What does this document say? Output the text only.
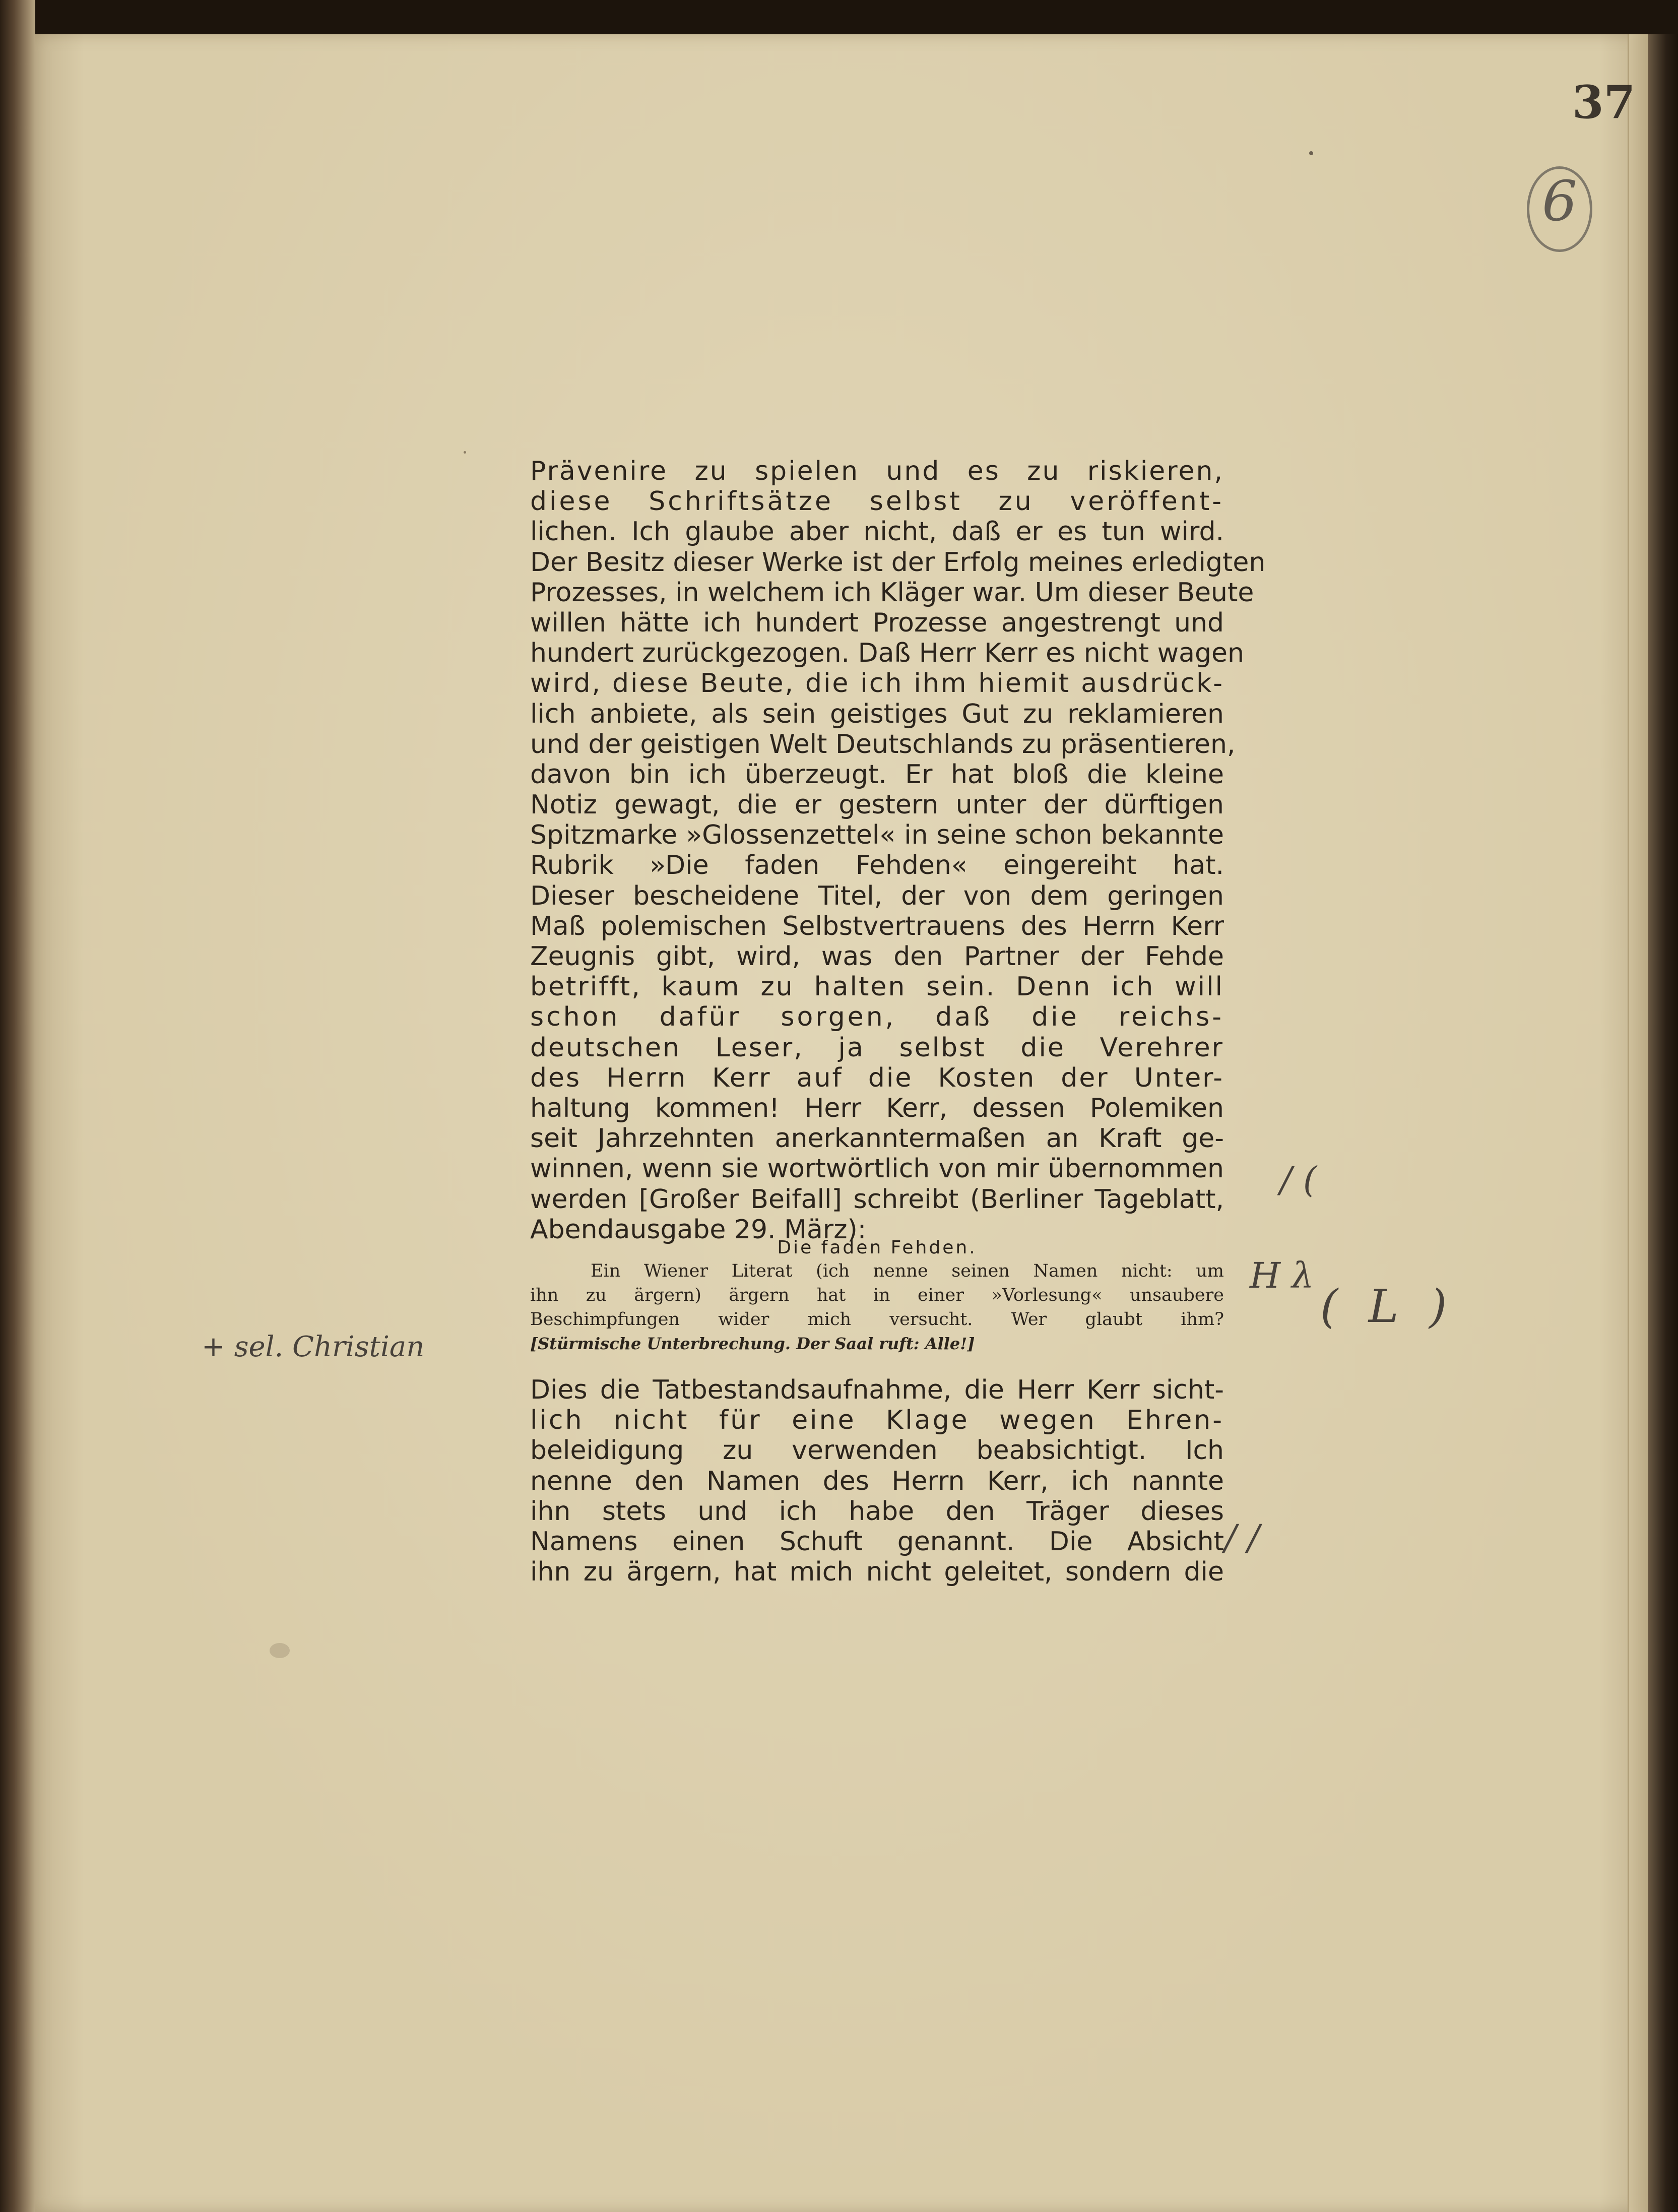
37
6
Prävenire zu spielen und es zu riskieren,
diese Schriftsätze selbst zu veröffent-
lichen. Ich glaube aber nicht, daß er es tun wird.
Der Besitz dieser Werke ist der Erfolg meines erledigten
Prozesses, in welchem ich Kläger war. Um dieser Beute
willen hätte ich hundert Prozesse angestrengt und
hundert zurückgezogen. Daß Herr Kerr es nicht wagen
wird, diese Beute, die ich ihm hiemit ausdrück-
lich anbiete, als sein geistiges Gut zu reklamieren
und der geistigen Welt Deutschlands zu präsentieren,
davon bin ich überzeugt. Er hat bloß die kleine
Notiz gewagt, die er gestern unter der dürftigen
Spitzmarke »Glossenzettel« in seine schon bekannte
Rubrik »Die faden Fehden« eingereiht hat.
Dieser bescheidene Titel, der von dem geringen
Maß polemischen Selbstvertrauens des Herrn Kerr
Zeugnis gibt, wird, was den Partner der Fehde
betrifft, kaum zu halten sein. Denn ich will
schon dafür sorgen, daß die reichs-
deutschen Leser, ja selbst die Verehrer
des Herrn Kerr auf die Kosten der Unter-
haltung kommen! Herr Kerr, dessen Polemiken
seit Jahrzehnten anerkanntermaßen an Kraft ge-
winnen, wenn sie wortwörtlich von mir übernommen
werden [Großer Beifall] schreibt (Berliner Tageblatt,
Abendausgabe 29. März):

Die faden Fehden.

Ein Wiener Literat (ich nenne seinen Namen nicht: um
ihn zu ärgern) ärgern hat in einer »Vorlesung« unsaubere
Beschimpfungen wider mich versucht. Wer glaubt ihm?
[Stürmische Unterbrechung. Der Saal ruft: Alle!]
Dies die Tatbestandsaufnahme, die Herr Kerr sicht-
lich nicht für eine Klage wegen Ehren-
beleidigung zu verwenden beabsichtigt. Ich
nenne den Namen des Herrn Kerr, ich nannte
ihn stets und ich habe den Träger dieses
Namens einen Schuft genannt. Die Absicht
ihn zu ärgern, hat mich nicht geleitet, sondern die
+ sel. Christian
/ (
H λ
( L )
/ /
